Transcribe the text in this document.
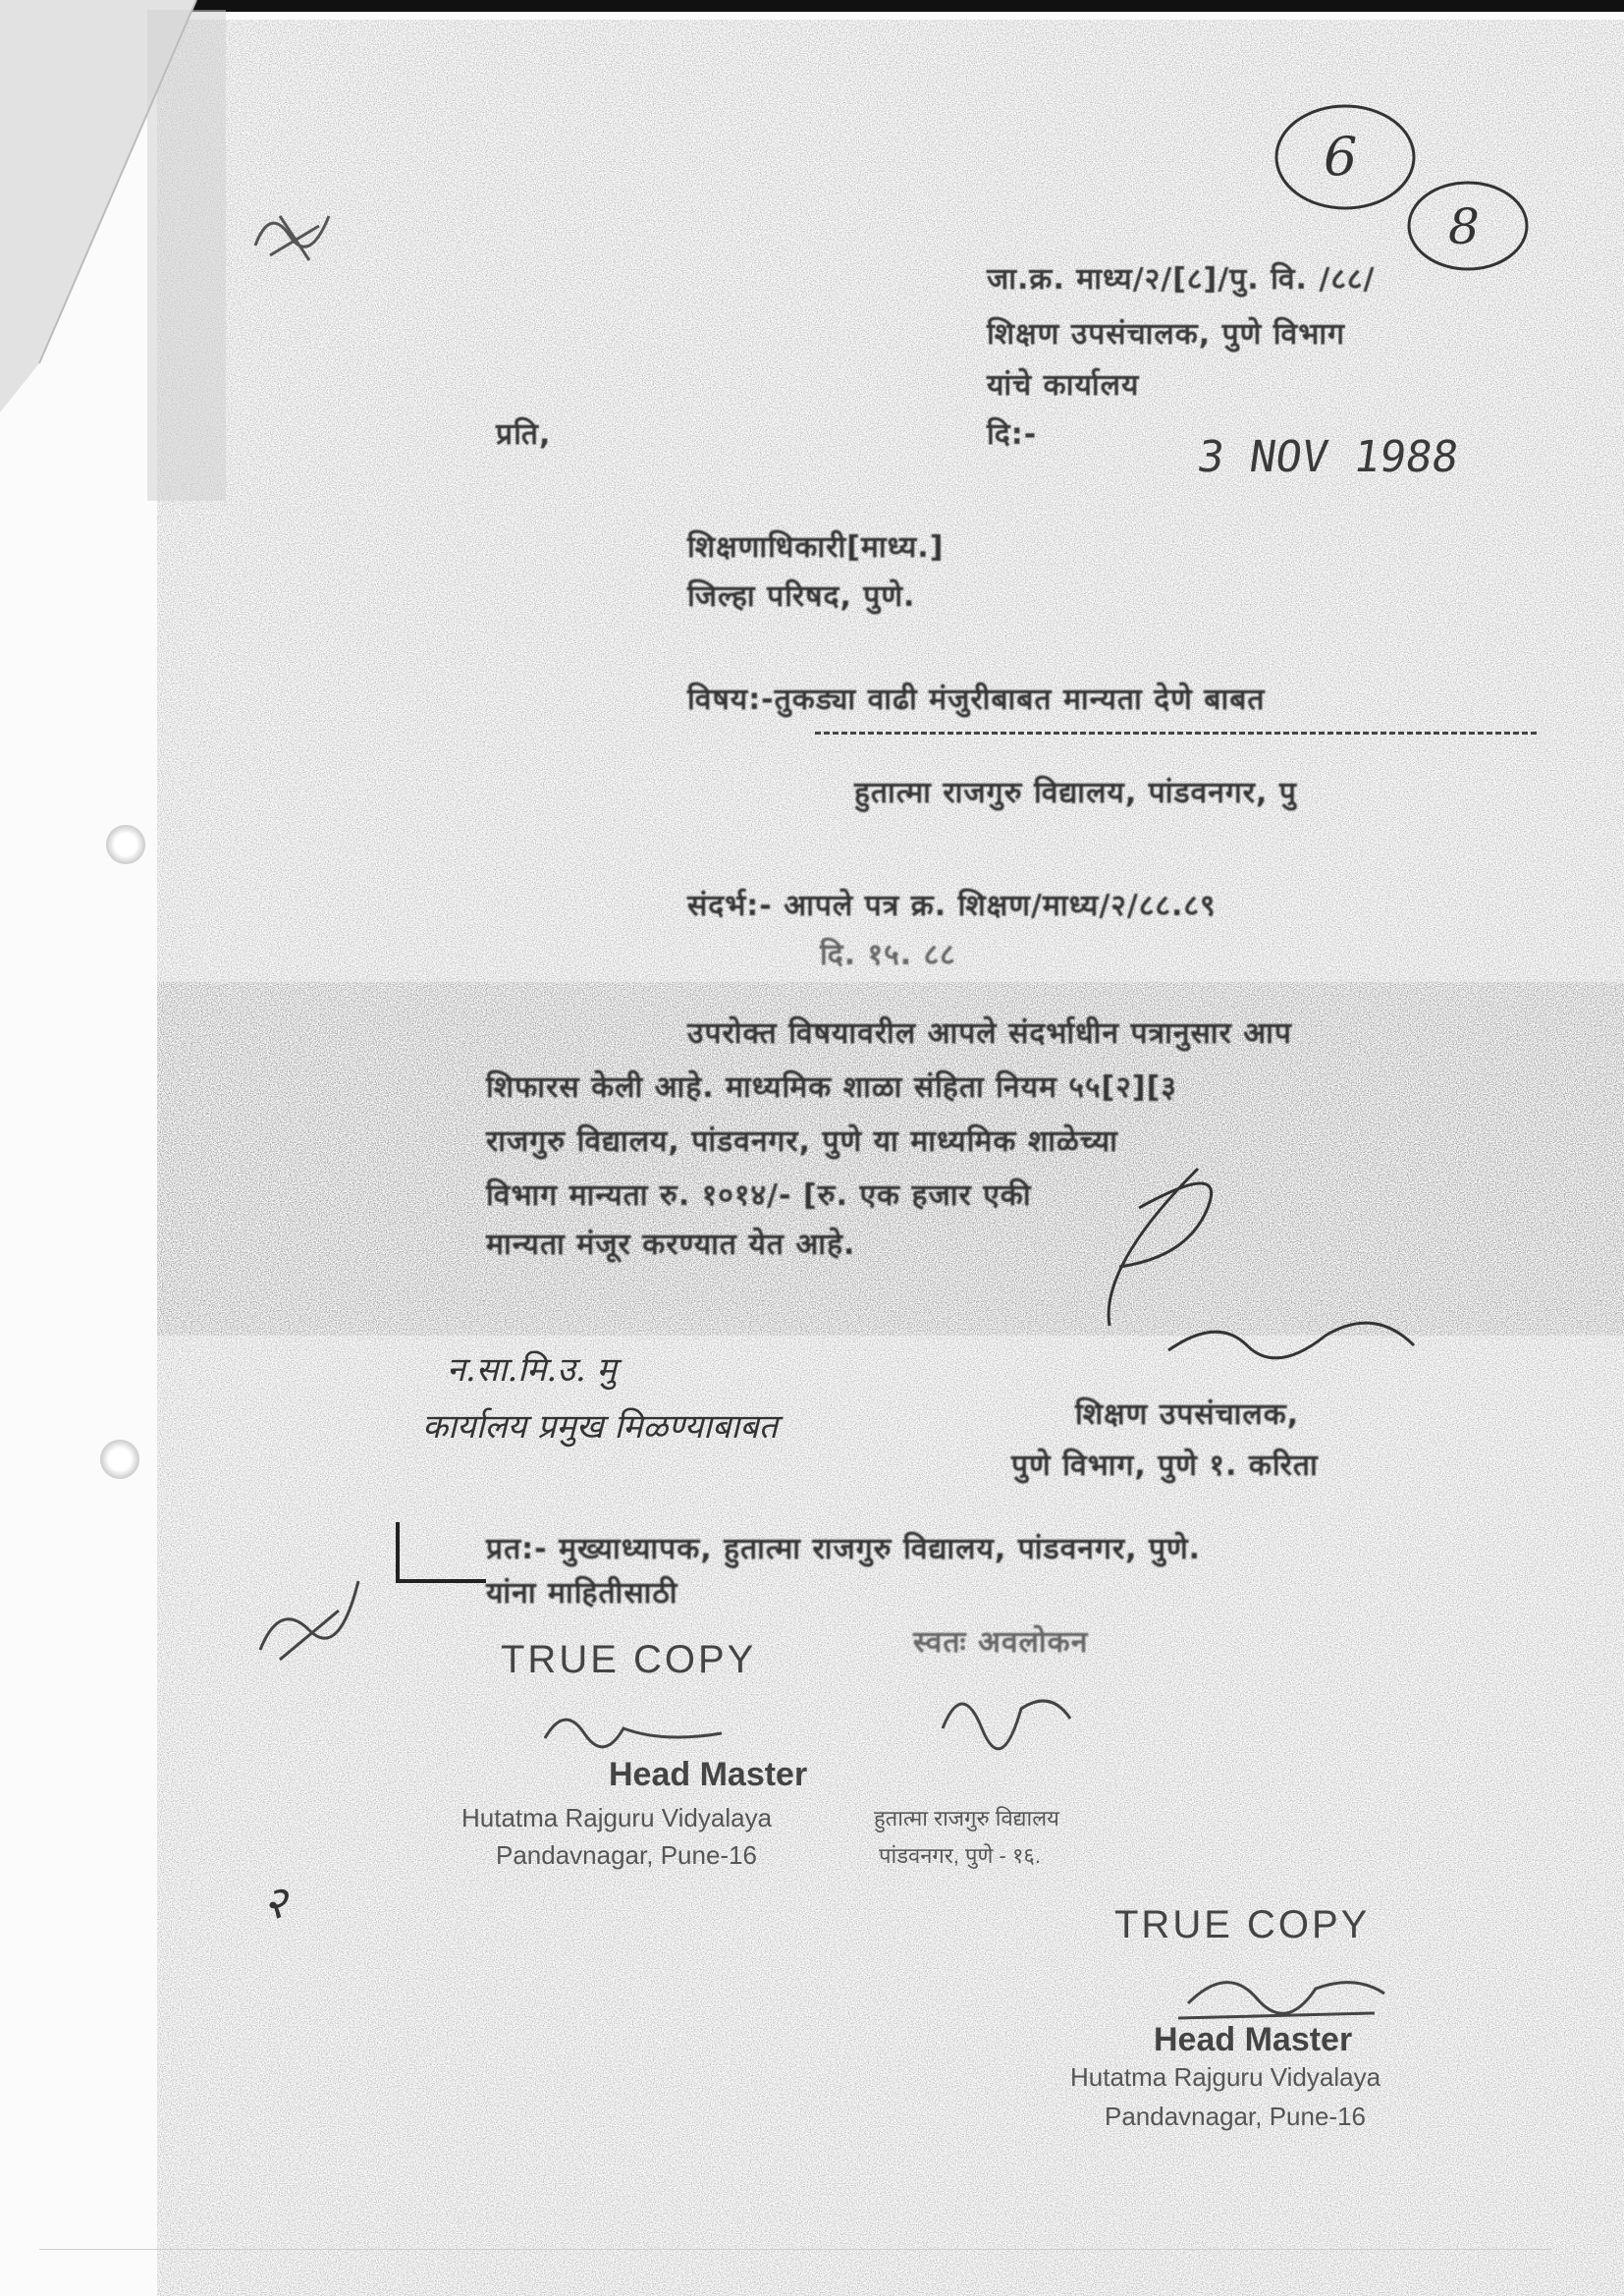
6
8
जा.क्र. माध्य/२/[८]/पु. वि. /८८/
शिक्षण उपसंचालक, पुणे विभाग
यांचे कार्यालय
दि:-	3 NOV 1988
प्रति,
शिक्षणाधिकारी[माध्य.]
जिल्हा परिषद, पुणे.
विषय:-तुकड्या वाढी मंजुरीबाबत मान्यता देणे बाबत
हुतात्मा राजगुरु विद्यालय, पांडवनगर, पु
संदर्भ:- आपले पत्र क्र. शिक्षण/माध्य/२/८८.८९
दि. १५. ८८
उपरोक्त विषयावरील आपले संदर्भाधीन पत्रानुसार आप
शिफारस केली आहे. माध्यमिक शाळा संहिता नियम ५५[२][३
राजगुरु विद्यालय, पांडवनगर, पुणे या माध्यमिक शाळेच्या
विभाग मान्यता रु. १०१४/- [रु. एक हजार एकी
मान्यता मंजूर करण्यात येत आहे.
न.सा.मि.उ. मु
कार्यालय प्रमुख मिळण्याबाबत	शिक्षण उपसंचालक,
पुणे विभाग, पुणे १. करिता
प्रत:- मुख्याध्यापक, हुतात्मा राजगुरु विद्यालय, पांडवनगर, पुणे.
यांना माहितीसाठी
स्वतः अवलोकन
TRUE COPY
Head Master
Hutatma Rajguru Vidyalaya
Pandavnagar, Pune-16
हुतात्मा राजगुरु विद्यालय
पांडवनगर, पुणे - १६.
२	TRUE COPY
Head Master
Hutatma Rajguru Vidyalaya
Pandavnagar, Pune-16
